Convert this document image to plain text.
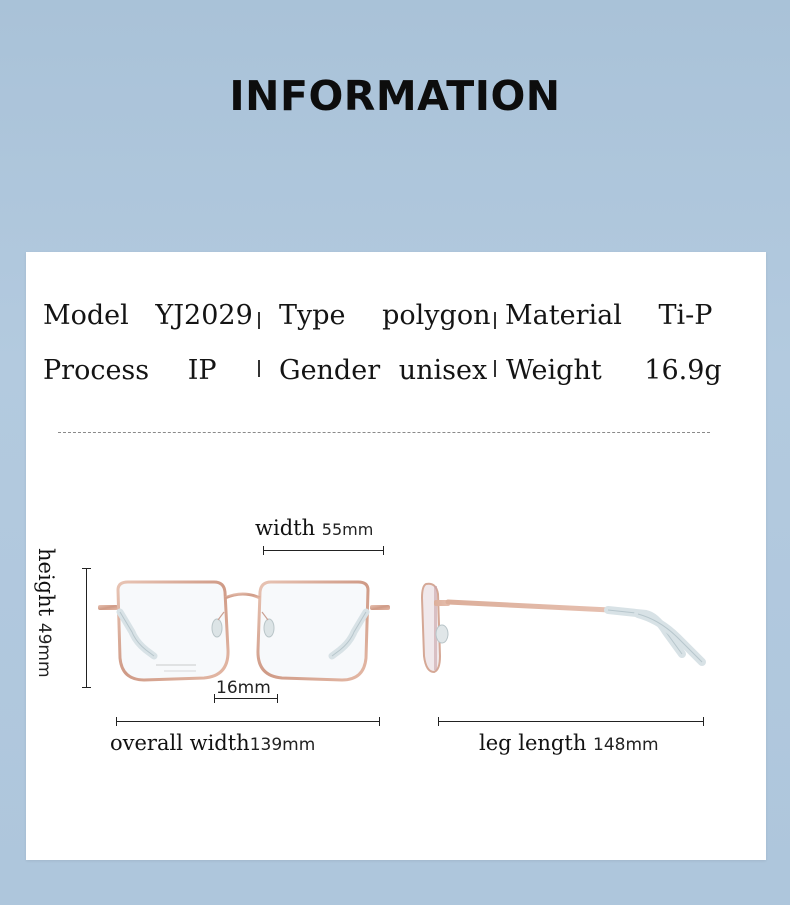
INFORMATION
Model YJ2029 Type polygon Material Ti-P
Process IP Gender unisex Weight 16.9g
width 55mm
height 49mm
16mm
overall width139mm	leg length 148mm
